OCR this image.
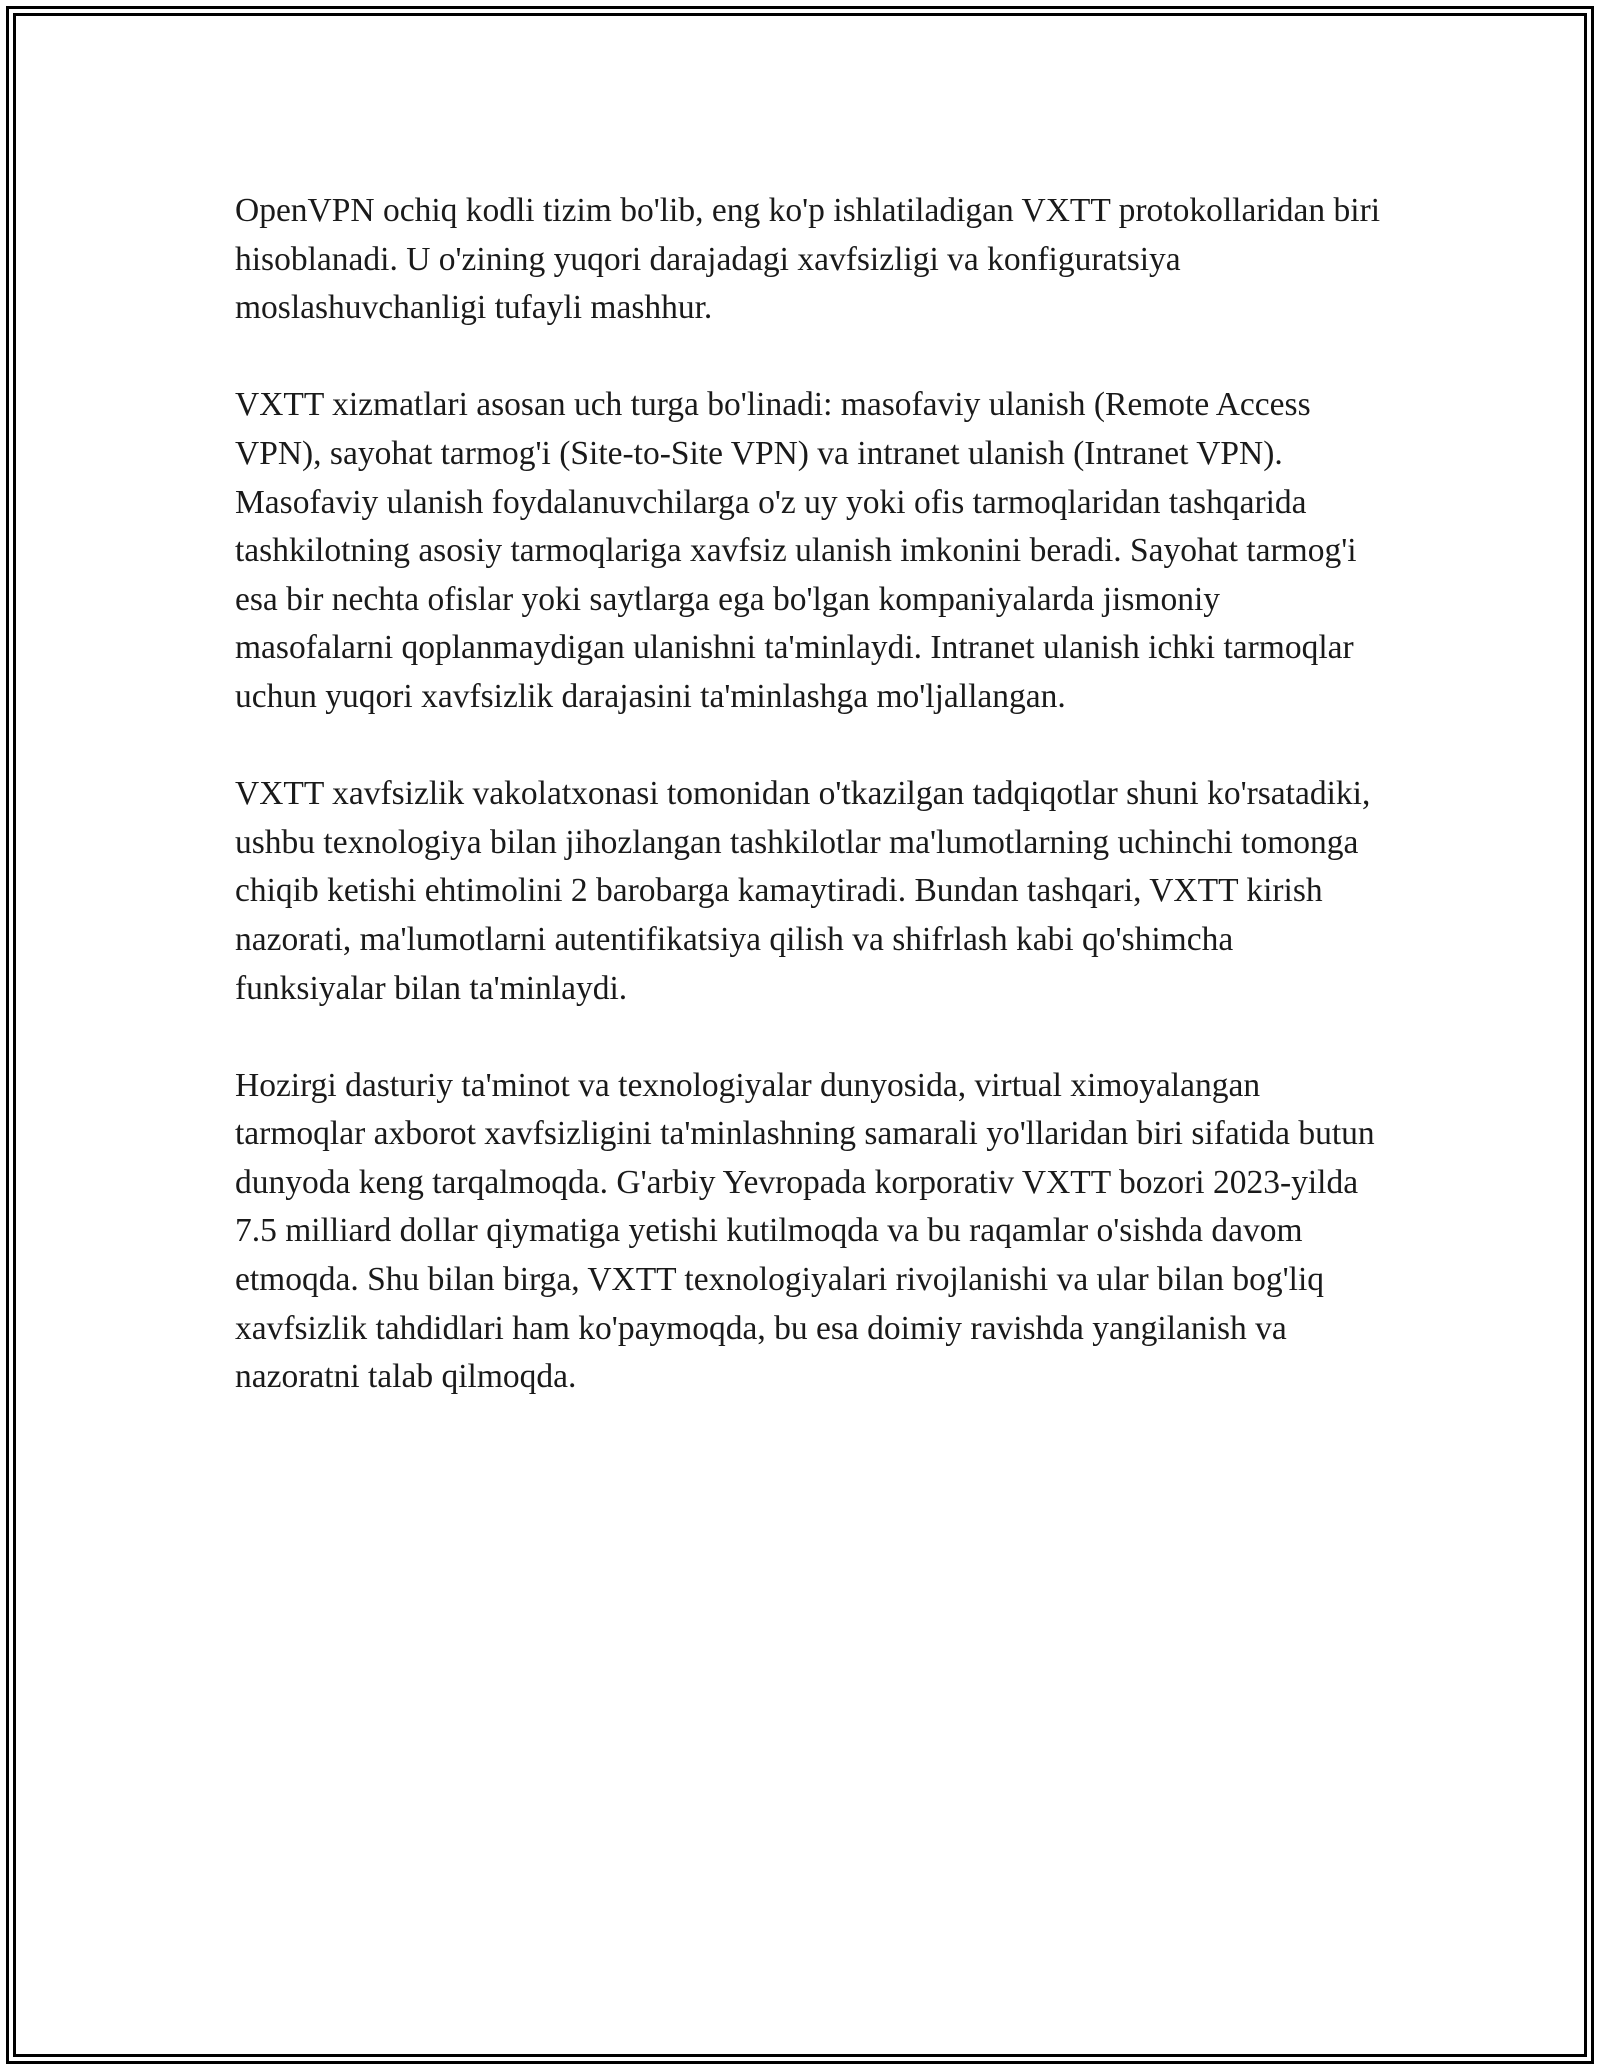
OpenVPN ochiq kodli tizim bo'lib, eng ko'p ishlatiladigan VXTT protokollaridan biri hisoblanadi. U o'zining yuqori darajadagi xavfsizligi va konfiguratsiya moslashuvchanligi tufayli mashhur.

VXTT xizmatlari asosan uch turga bo'linadi: masofaviy ulanish (Remote Access VPN), sayohat tarmog'i (Site-to-Site VPN) va intranet ulanish (Intranet VPN). Masofaviy ulanish foydalanuvchilarga o'z uy yoki ofis tarmoqlaridan tashqarida tashkilotning asosiy tarmoqlariga xavfsiz ulanish imkonini beradi. Sayohat tarmog'i esa bir nechta ofislar yoki saytlarga ega bo'lgan kompaniyalarda jismoniy masofalarni qoplanmaydigan ulanishni ta'minlaydi. Intranet ulanish ichki tarmoqlar uchun yuqori xavfsizlik darajasini ta'minlashga mo'ljallangan.

VXTT xavfsizlik vakolatxonasi tomonidan o'tkazilgan tadqiqotlar shuni ko'rsatadiki, ushbu texnologiya bilan jihozlangan tashkilotlar ma'lumotlarning uchinchi tomonga chiqib ketishi ehtimolini 2 barobarga kamaytiradi. Bundan tashqari, VXTT kirish nazorati, ma'lumotlarni autentifikatsiya qilish va shifrlash kabi qo'shimcha funksiyalar bilan ta'minlaydi.

Hozirgi dasturiy ta'minot va texnologiyalar dunyosida, virtual ximoyalangan tarmoqlar axborot xavfsizligini ta'minlashning samarali yo'llaridan biri sifatida butun dunyoda keng tarqalmoqda. G'arbiy Yevropada korporativ VXTT bozori 2023-yilda 7.5 milliard dollar qiymatiga yetishi kutilmoqda va bu raqamlar o'sishda davom etmoqda. Shu bilan birga, VXTT texnologiyalari rivojlanishi va ular bilan bog'liq xavfsizlik tahdidlari ham ko'paymoqda, bu esa doimiy ravishda yangilanish va nazoratni talab qilmoqda.
